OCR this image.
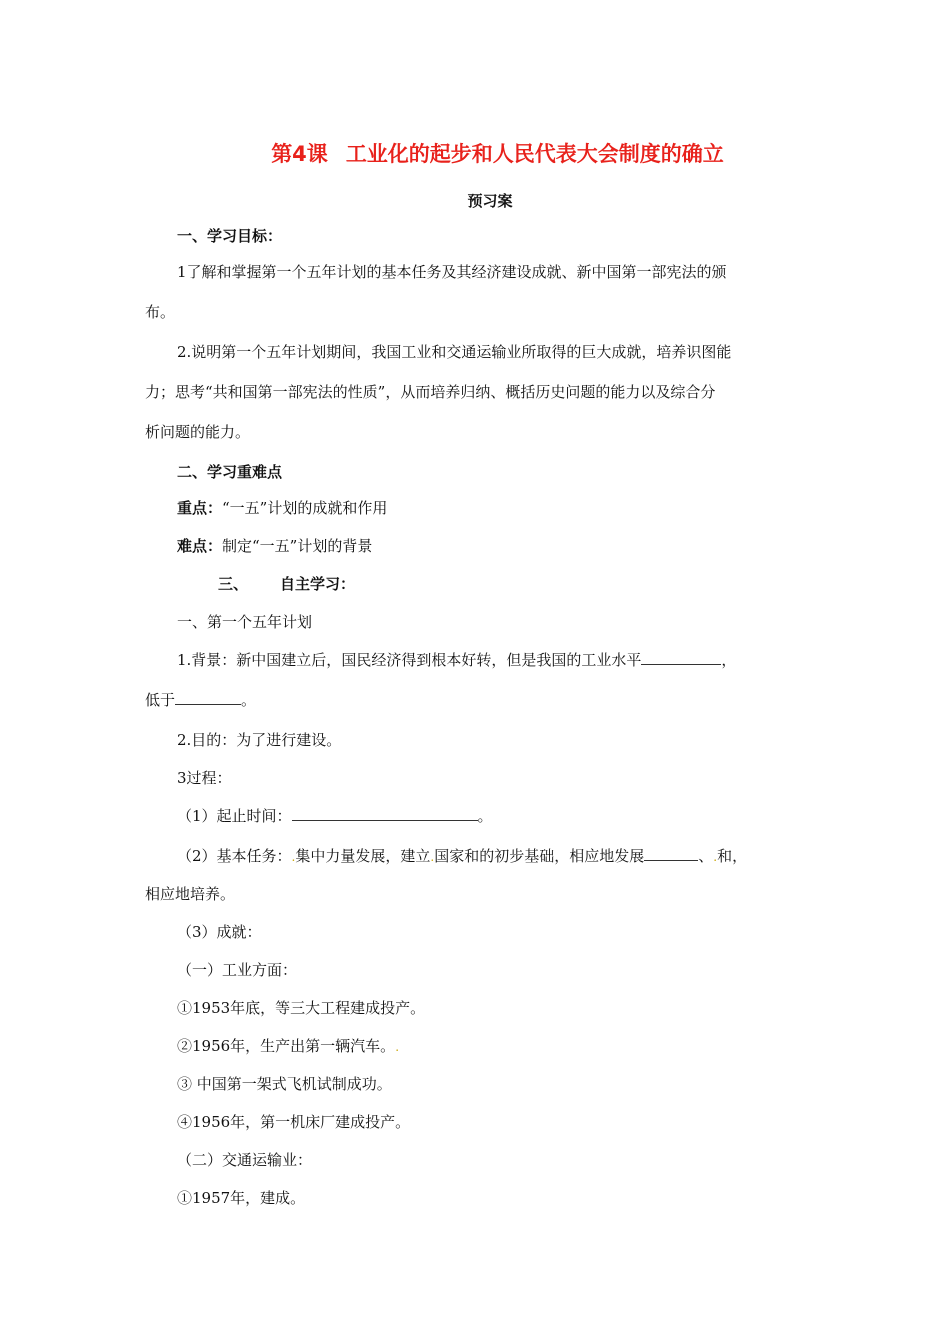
第4课 工业化的起步和人民代表大会制度的确立
预习案
一、学习目标：
1了解和掌握第一个五年计划的基本任务及其经济建设成就、新中国第一部宪法的颁
布。
2.说明第一个五年计划期间，我国工业和交通运输业所取得的巨大成就，培养识图能
力；思考“共和国第一部宪法的性质”，从而培养归纳、概括历史问题的能力以及综合分
析问题的能力。
二、学习重难点
重点：“一五”计划的成就和作用
难点：制定“一五”计划的背景
三、 自主学习：
一、第一个五年计划
1.背景：新中国建立后，国民经济得到根本好转，但是我国的工业水平	，
低于	。
2.目的：为了进行建设。
3过程：
（1）起止时间：	。
（2）基本任务：.集中力量发展，建立.国家和的初步基础，相应地发展	、.和，
相应地培养。
（3）成就：
（一）工业方面：
①1953年底，等三大工程建成投产。
②1956年，生产出第一辆汽车。.
③ 中国第一架式飞机试制成功。
④1956年，第一机床厂建成投产。
（二）交通运输业：
①1957年，建成。
